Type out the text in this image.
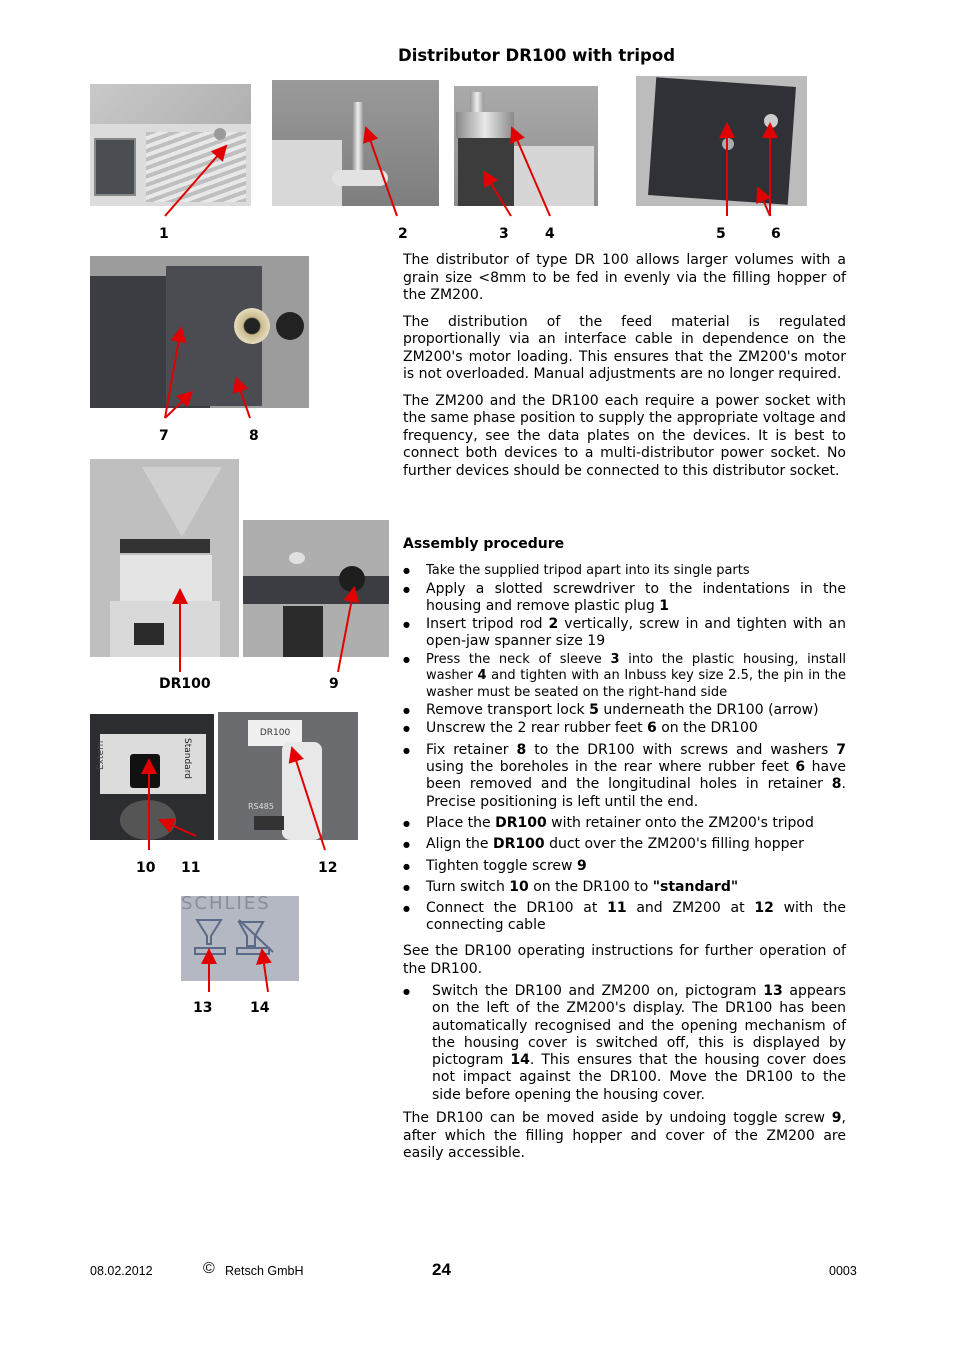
Distributor DR100 with tripod
1	2	3	4	5	6
7	8
DR100	9
Extern	Standard
DR100
RS485
10 11	12
SCHLIES
13	14

The distributor of type DR 100 allows larger volumes with a grain size <8mm to be fed in evenly via the filling hopper of the ZM200.

The distribution of the feed material is regulated proportionally via an interface cable in dependence on the ZM200's motor loading. This ensures that the ZM200's motor is not overloaded. Manual adjustments are no longer required.

The ZM200 and the DR100 each require a power socket with the same phase position to supply the appropriate voltage and frequency, see the data plates on the devices. It is best to connect both devices to a multi-distributor power socket. No further devices should be connected to this distributor socket.

Assembly procedure
● Take the supplied tripod apart into its single parts
● Apply a slotted screwdriver to the indentations in the housing and remove plastic plug 1
● Insert tripod rod 2 vertically, screw in and tighten with an open-jaw spanner size 19
● Press the neck of sleeve 3 into the plastic housing, install washer 4 and tighten with an Inbuss key size 2.5, the pin in the washer must be seated on the right-hand side
● Remove transport lock 5 underneath the DR100 (arrow)
● Unscrew the 2 rear rubber feet 6 on the DR100
● Fix retainer 8 to the DR100 with screws and washers 7 using the boreholes in the rear where rubber feet 6 have been removed and the longitudinal holes in retainer 8. Precise positioning is left until the end.
● Place the DR100 with retainer onto the ZM200's tripod
● Align the DR100 duct over the ZM200's filling hopper
● Tighten toggle screw 9
● Turn switch 10 on the DR100 to "standard"
● Connect the DR100 at 11 and ZM200 at 12 with the connecting cable
See the DR100 operating instructions for further operation of the DR100.
● Switch the DR100 and ZM200 on, pictogram 13 appears on the left of the ZM200's display. The DR100 has been automatically recognised and the opening mechanism of the housing cover is switched off, this is displayed by pictogram 14. This ensures that the housing cover does not impact against the DR100. Move the DR100 to the side before opening the housing cover.
The DR100 can be moved aside by undoing toggle screw 9, after which the filling hopper and cover of the ZM200 are easily accessible.
08.02.2012	© Retsch GmbH	24	0003
